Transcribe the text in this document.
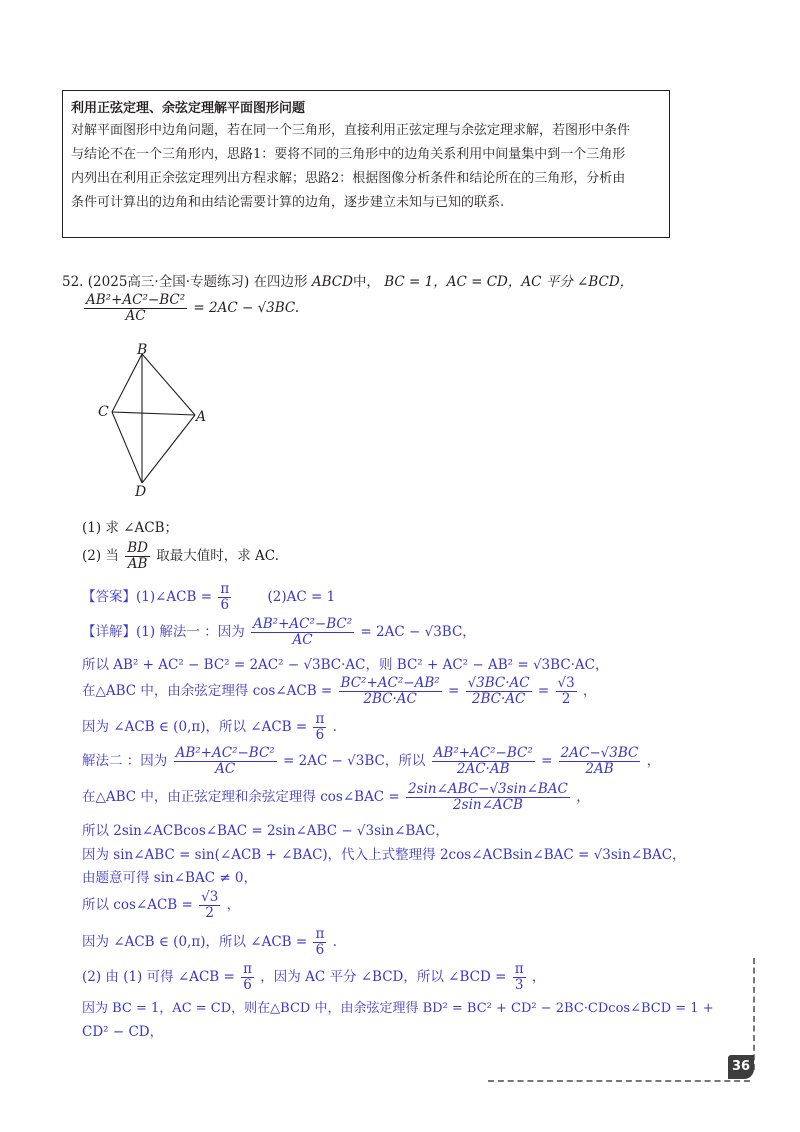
利用正弦定理、余弦定理解平面图形问题
对解平面图形中边角问题，若在同一个三角形，直接利用正弦定理与余弦定理求解，若图形中条件
与结论不在一个三角形内，思路1：要将不同的三角形中的边角关系利用中间量集中到一个三角形
内列出在利用正余弦定理列出方程求解；思路2：根据图像分析条件和结论所在的三角形，分析由
条件可计算出的边角和由结论需要计算的边角，逐步建立未知与已知的联系.
52. (2025高三·全国·专题练习) 在四边形 ABCD中， BC = 1，AC = CD，AC 平分 ∠BCD，
$\frac{\text{AB²+AC²−BC²}}{AC} = 2AC - √3BC$.
B
C	A
D
(1) 求 ∠ACB；
(2) 当 $\frac{BD}{AB}$ 取最大值时，求 AC.
【答案】(1)∠ACB = $\frac{\pi}{6}$	(2)AC = 1
【详解】(1) 解法一 ：因为 $\frac{\text{AB²+AC²−BC²}}{AC} = 2AC - √3BC$，
所以 AB² + AC² − BC² = 2AC² − √3BC·AC，则 BC² + AC² − AB² = √3BC·AC，
在△ABC 中，由余弦定理得 cos∠ACB = $\frac{\text{BC²+AC²−AB²}}{2BC\cdot AC} = \frac{√3BC\cdot AC}{2BC\cdot AC} = \frac{√3}{2}$ ，
因为 ∠ACB ∈ (0,π)，所以 ∠ACB = $\frac{\pi}{6}$ .
解法二 ：因为 $\frac{\text{AB²+AC²−BC²}}{AC} = 2AC - √3BC$，所以 $\frac{\text{AB²+AC²−BC²}}{2AC\cdot AB} = \frac{2AC-√3BC}{2AB}$ ，
在△ABC 中，由正弦定理和余弦定理得 cos∠BAC = $\frac{\text{2sin∠ABC−√3sin∠BAC}}{\text{2sin∠ACB}}$ ，
所以 2sin∠ACBcos∠BAC = 2sin∠ABC − √3sin∠BAC，
因为 sin∠ABC = sin(∠ACB + ∠BAC)，代入上式整理得 2cos∠ACBsin∠BAC = √3sin∠BAC，
由题意可得 sin∠BAC ≠ 0，
所以 cos∠ACB = $\frac{√3}{2}$ ，
因为 ∠ACB ∈ (0,π)，所以 ∠ACB = $\frac{\pi}{6}$ .
(2) 由 (1) 可得 ∠ACB = $\frac{\pi}{6}$ ，因为 AC 平分 ∠BCD，所以 ∠BCD = $\frac{\pi}{3}$ ，
因为 BC = 1，AC = CD，则在△BCD 中，由余弦定理得 BD² = BC² + CD² − 2BC·CDcos∠BCD = 1 +
CD² − CD，
36
